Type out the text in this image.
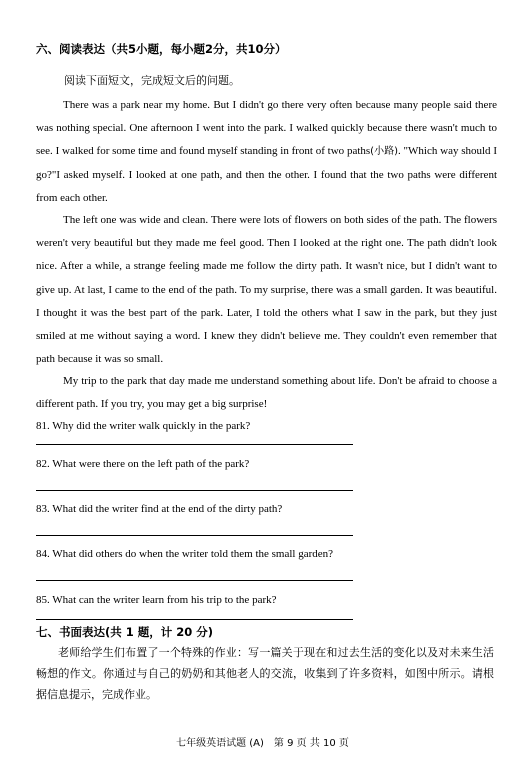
六、阅读表达（共5小题，每小题2分，共10分）

阅读下面短文，完成短文后的问题。

There was a park near my home. But I didn't go there very often because many people said there was nothing special. One afternoon I went into the park. I walked quickly because there wasn't much to see. I walked for some time and found myself standing in front of two paths(小路). "Which way should I go?"I asked myself. I looked at one path, and then the other. I found that the two paths were different from each other.

The left one was wide and clean. There were lots of flowers on both sides of the path. The flowers weren't very beautiful but they made me feel good. Then I looked at the right one. The path didn't look nice. After a while, a strange feeling made me follow the dirty path. It wasn't nice, but I didn't want to give up. At last, I came to the end of the path. To my surprise, there was a small garden. It was beautiful. I thought it was the best part of the park. Later, I told the others what I saw in the park, but they just smiled at me without saying a word. I knew they didn't believe me. They couldn't even remember that path because it was so small.

My trip to the park that day made me understand something about life. Don't be afraid to choose a different path. If you try, you may get a big surprise!

81. Why did the writer walk quickly in the park?

82. What were there on the left path of the park?

83. What did the writer find at the end of the dirty path?

84. What did others do when the writer told them the small garden?

85. What can the writer learn from his trip to the park?

七、书面表达(共 1 题，计 20 分)

老师给学生们布置了一个特殊的作业：写一篇关于现在和过去生活的变化以及对未来生活畅想的作文。你通过与自己的奶奶和其他老人的交流，收集到了许多资料，如图中所示。请根据信息提示，完成作业。

七年级英语试题 (A) 第 9 页 共 10 页
